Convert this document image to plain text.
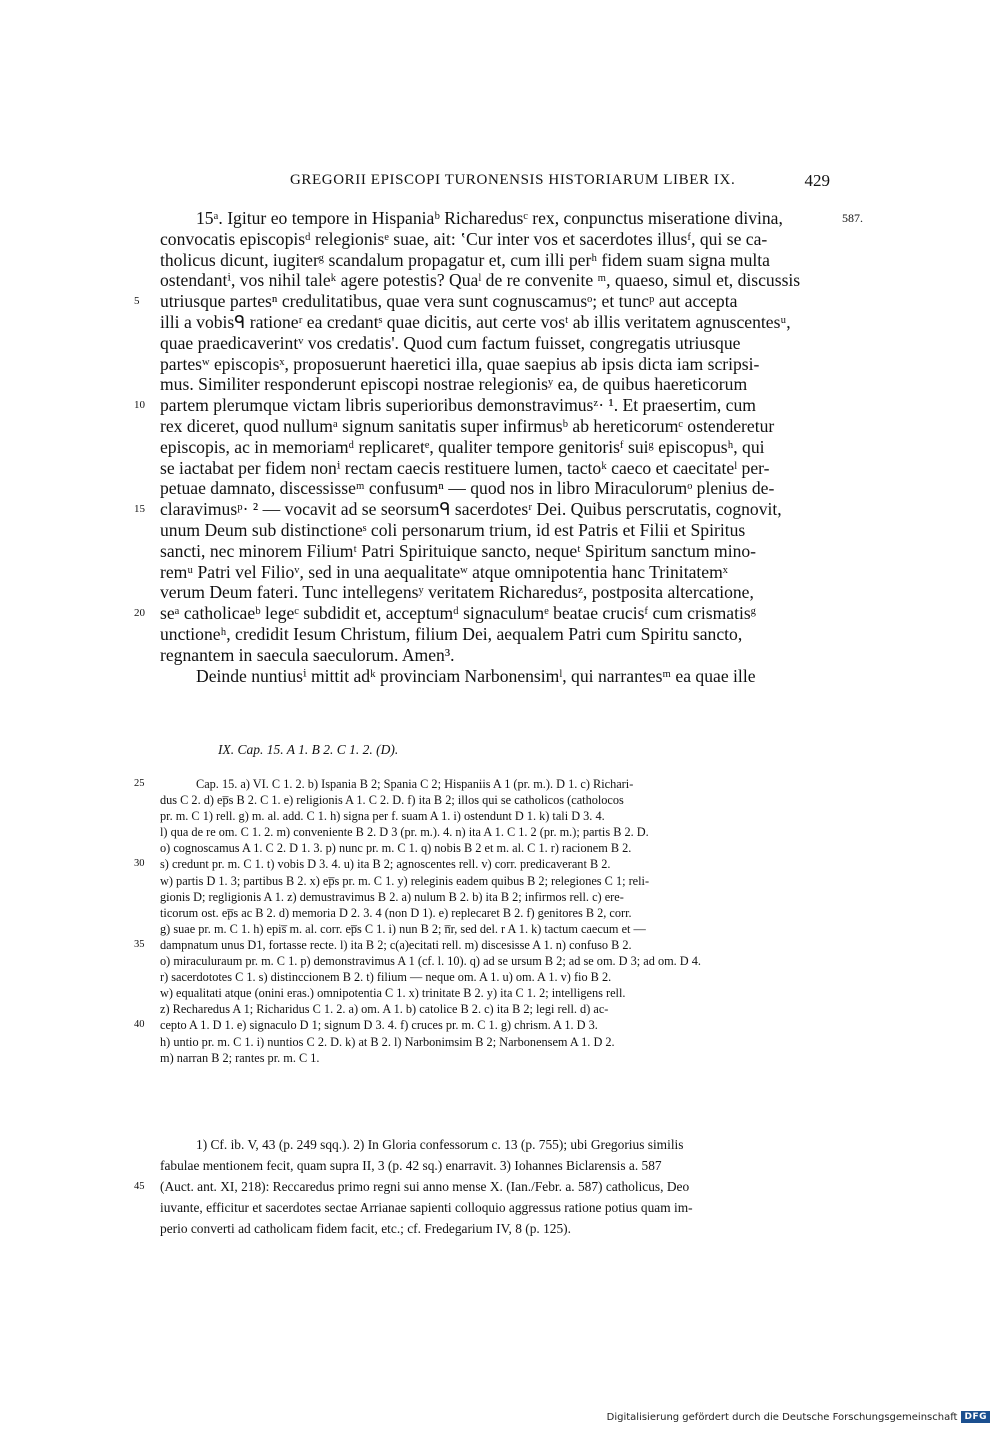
GREGORII EPISCOPI TURONENSIS HISTORIARUM LIBER IX.	429
15ᵃ. Igitur eo tempore in Hispaniaᵇ Richaredusᶜ rex, conpunctus miseratione divina,	587.
convocatis episcopisᵈ relegionisᵉ suae, ait: ʽCur inter vos et sacerdotes illusᶠ, qui se ca-
tholicus dicunt, iugiterᵍ scandalum propagatur et, cum illi perʰ fidem suam signa multa
ostendantⁱ, vos nihil taleᵏ agere potestis? Quaˡ de re convenite ᵐ, quaeso, simul et, discussis
5	utriusque partesⁿ credulitatibus, quae vera sunt cognuscamusᵒ; et tuncᵖ aut accepta
illi a vobisᑫ rationeʳ ea credantˢ quae dicitis, aut certe vosᵗ ab illis veritatem agnuscentesᵘ,
quae praedicaverintᵛ vos credatis'. Quod cum factum fuisset, congregatis utriusque
partesʷ episcopisˣ, proposuerunt haeretici illa, quae saepius ab ipsis dicta iam scripsi-
mus. Similiter responderunt episcopi nostrae relegionisʸ ea, de quibus haereticorum
10 partem plerumque victam libris superioribus demonstravimusᶻ· ¹. Et praesertim, cum
rex diceret, quod nullumᵃ signum sanitatis super infirmusᵇ ab hereticorumᶜ ostenderetur
episcopis, ac in memoriamᵈ replicaretᵉ, qualiter tempore genitorisᶠ suiᵍ episcopusʰ, qui
se iactabat per fidem nonⁱ rectam caecis restituere lumen, tactoᵏ caeco et caecitateˡ per-
petuae damnato, discessisseᵐ confusumⁿ — quod nos in libro Miraculorumᵒ plenius de-
15 claravimusᵖ· ² — vocavit ad se seorsumᑫ sacerdotesʳ Dei. Quibus perscrutatis, cognovit,
unum Deum sub distinctioneˢ coli personarum trium, id est Patris et Filii et Spiritus
sancti, nec minorem Filiumᵗ Patri Spirituique sancto, nequeᵗ Spiritum sanctum mino-
remᵘ Patri vel Filioᵛ, sed in una aequalitateʷ atque omnipotentia hanc Trinitatemˣ
verum Deum fateri. Tunc intellegensʸ veritatem Richaredusᶻ, postposita altercatione,
20 seᵃ catholicaeᵇ legeᶜ subdidit et, acceptumᵈ signaculumᵉ beatae crucisᶠ cum crismatisᵍ
unctioneʰ, credidit Iesum Christum, filium Dei, aequalem Patri cum Spiritu sancto,
regnantem in saecula saeculorum. Amen³.
Deinde nuntiusⁱ mittit adᵏ provinciam Narbonensimˡ, qui narrantesᵐ ea quae ille
IX. Cap. 15. A 1. B 2. C 1. 2. (D).
25	Cap. 15. a) VI. C 1. 2. b) Ispania B 2; Spania C 2; Hispaniis A 1 (pr. m.). D 1. c) Richari-
dus C 2. d) ep̅s B 2. C 1. e) religionis A 1. C 2. D. f) ita B 2; illos qui se catholicos (catholocos
pr. m. C 1) rell. g) m. al. add. C 1. h) signa per f. suam A 1. i) ostendunt D 1. k) tali D 3. 4.
l) qua de re om. C 1. 2. m) conveniente B 2. D 3 (pr. m.). 4. n) ita A 1. C 1. 2 (pr. m.); partis B 2. D.
o) cognoscamus A 1. C 2. D 1. 3. p) nunc pr. m. C 1. q) nobis B 2 et m. al. C 1. r) racionem B 2.
30	s) credunt pr. m. C 1. t) vobis D 3. 4. u) ita B 2; agnoscentes rell. v) corr. predicaverant B 2.
w) partis D 1. 3; partibus B 2. x) ep̅s pr. m. C 1. y) releginis eadem quibus B 2; relegiones C 1; reli-
gionis D; regligionis A 1. z) demustravimus B 2. a) nulum B 2. b) ita B 2; infirmos rell. c) ere-
ticorum ost. ep̅s ac B 2. d) memoria D 2. 3. 4 (non D 1). e) replecaret B 2. f) genitores B 2, corr.
g) suae pr. m. C 1. h) epis̅ m. al. corr. ep̅s C 1. i) nun B 2; n̅r, sed del. r A 1. k) tactum caecum et —
35	dampnatum unus D1, fortasse recte. l) ita B 2; c(a)ecitati rell. m) discesisse A 1. n) confuso B 2.
o) miraculuraum pr. m. C 1. p) demonstravimus A 1 (cf. l. 10). q) ad se ursum B 2; ad se om. D 3; ad om. D 4.
r) sacerdototes C 1. s) distinccionem B 2. t) filium — neque om. A 1. u) om. A 1. v) fio B 2.
w) equalitati atque (onini eras.) omnipotentia C 1. x) trinitate B 2. y) ita C 1. 2; intelligens rell.
z) Recharedus A 1; Richaridus C 1. 2. a) om. A 1. b) catolice B 2. c) ita B 2; legi rell. d) ac-
40	cepto A 1. D 1. e) signaculo D 1; signum D 3. 4. f) cruces pr. m. C 1. g) chrism. A 1. D 3.
h) untio pr. m. C 1. i) nuntios C 2. D. k) at B 2. l) Narbonimsim B 2; Narbonensem A 1. D 2.
m) narran B 2; rantes pr. m. C 1.
1) Cf. ib. V, 43 (p. 249 sqq.). 2) In Gloria confessorum c. 13 (p. 755); ubi Gregorius similis
fabulae mentionem fecit, quam supra II, 3 (p. 42 sq.) enarravit. 3) Iohannes Biclarensis a. 587
45	(Auct. ant. XI, 218): Reccaredus primo regni sui anno mense X. (Ian./Febr. a. 587) catholicus, Deo
iuvante, efficitur et sacerdotes sectae Arrianae sapienti colloquio aggressus ratione potius quam im-
perio converti ad catholicam fidem facit, etc.; cf. Fredegarium IV, 8 (p. 125).
Digitalisierung gefördert durch die Deutsche Forschungsgemeinschaft DFG
